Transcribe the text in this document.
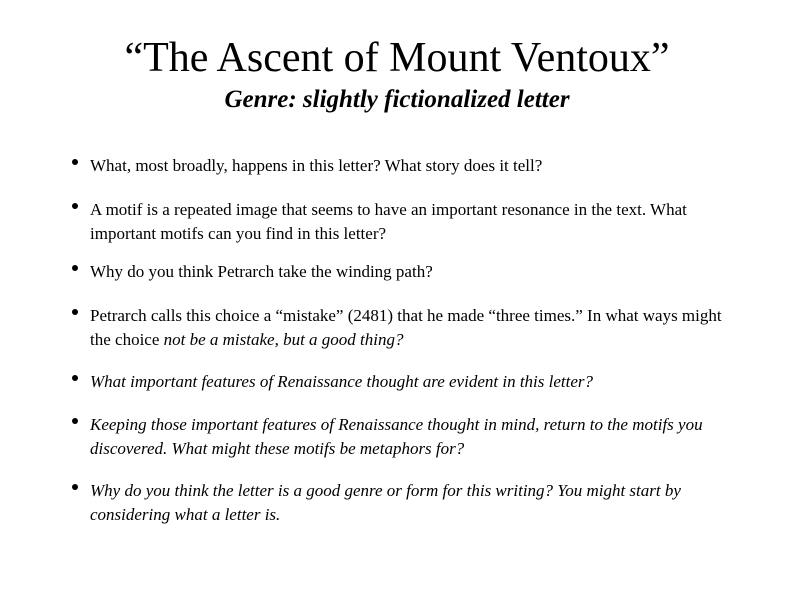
“The Ascent of Mount Ventoux”
Genre: slightly fictionalized letter
What, most broadly, happens in this letter? What story does it tell?
A motif is a repeated image that seems to have an important resonance in the text. What important motifs can you find in this letter?
Why do you think Petrarch take the winding path?
Petrarch calls this choice a “mistake” (2481) that he made “three times.” In what ways might the choice not be a mistake, but a good thing?
What important features of Renaissance thought are evident in this letter?
Keeping those important features of Renaissance thought in mind, return to the motifs you discovered. What might these motifs be metaphors for?
Why do you think the letter is a good genre or form for this writing? You might start by considering what a letter is.
